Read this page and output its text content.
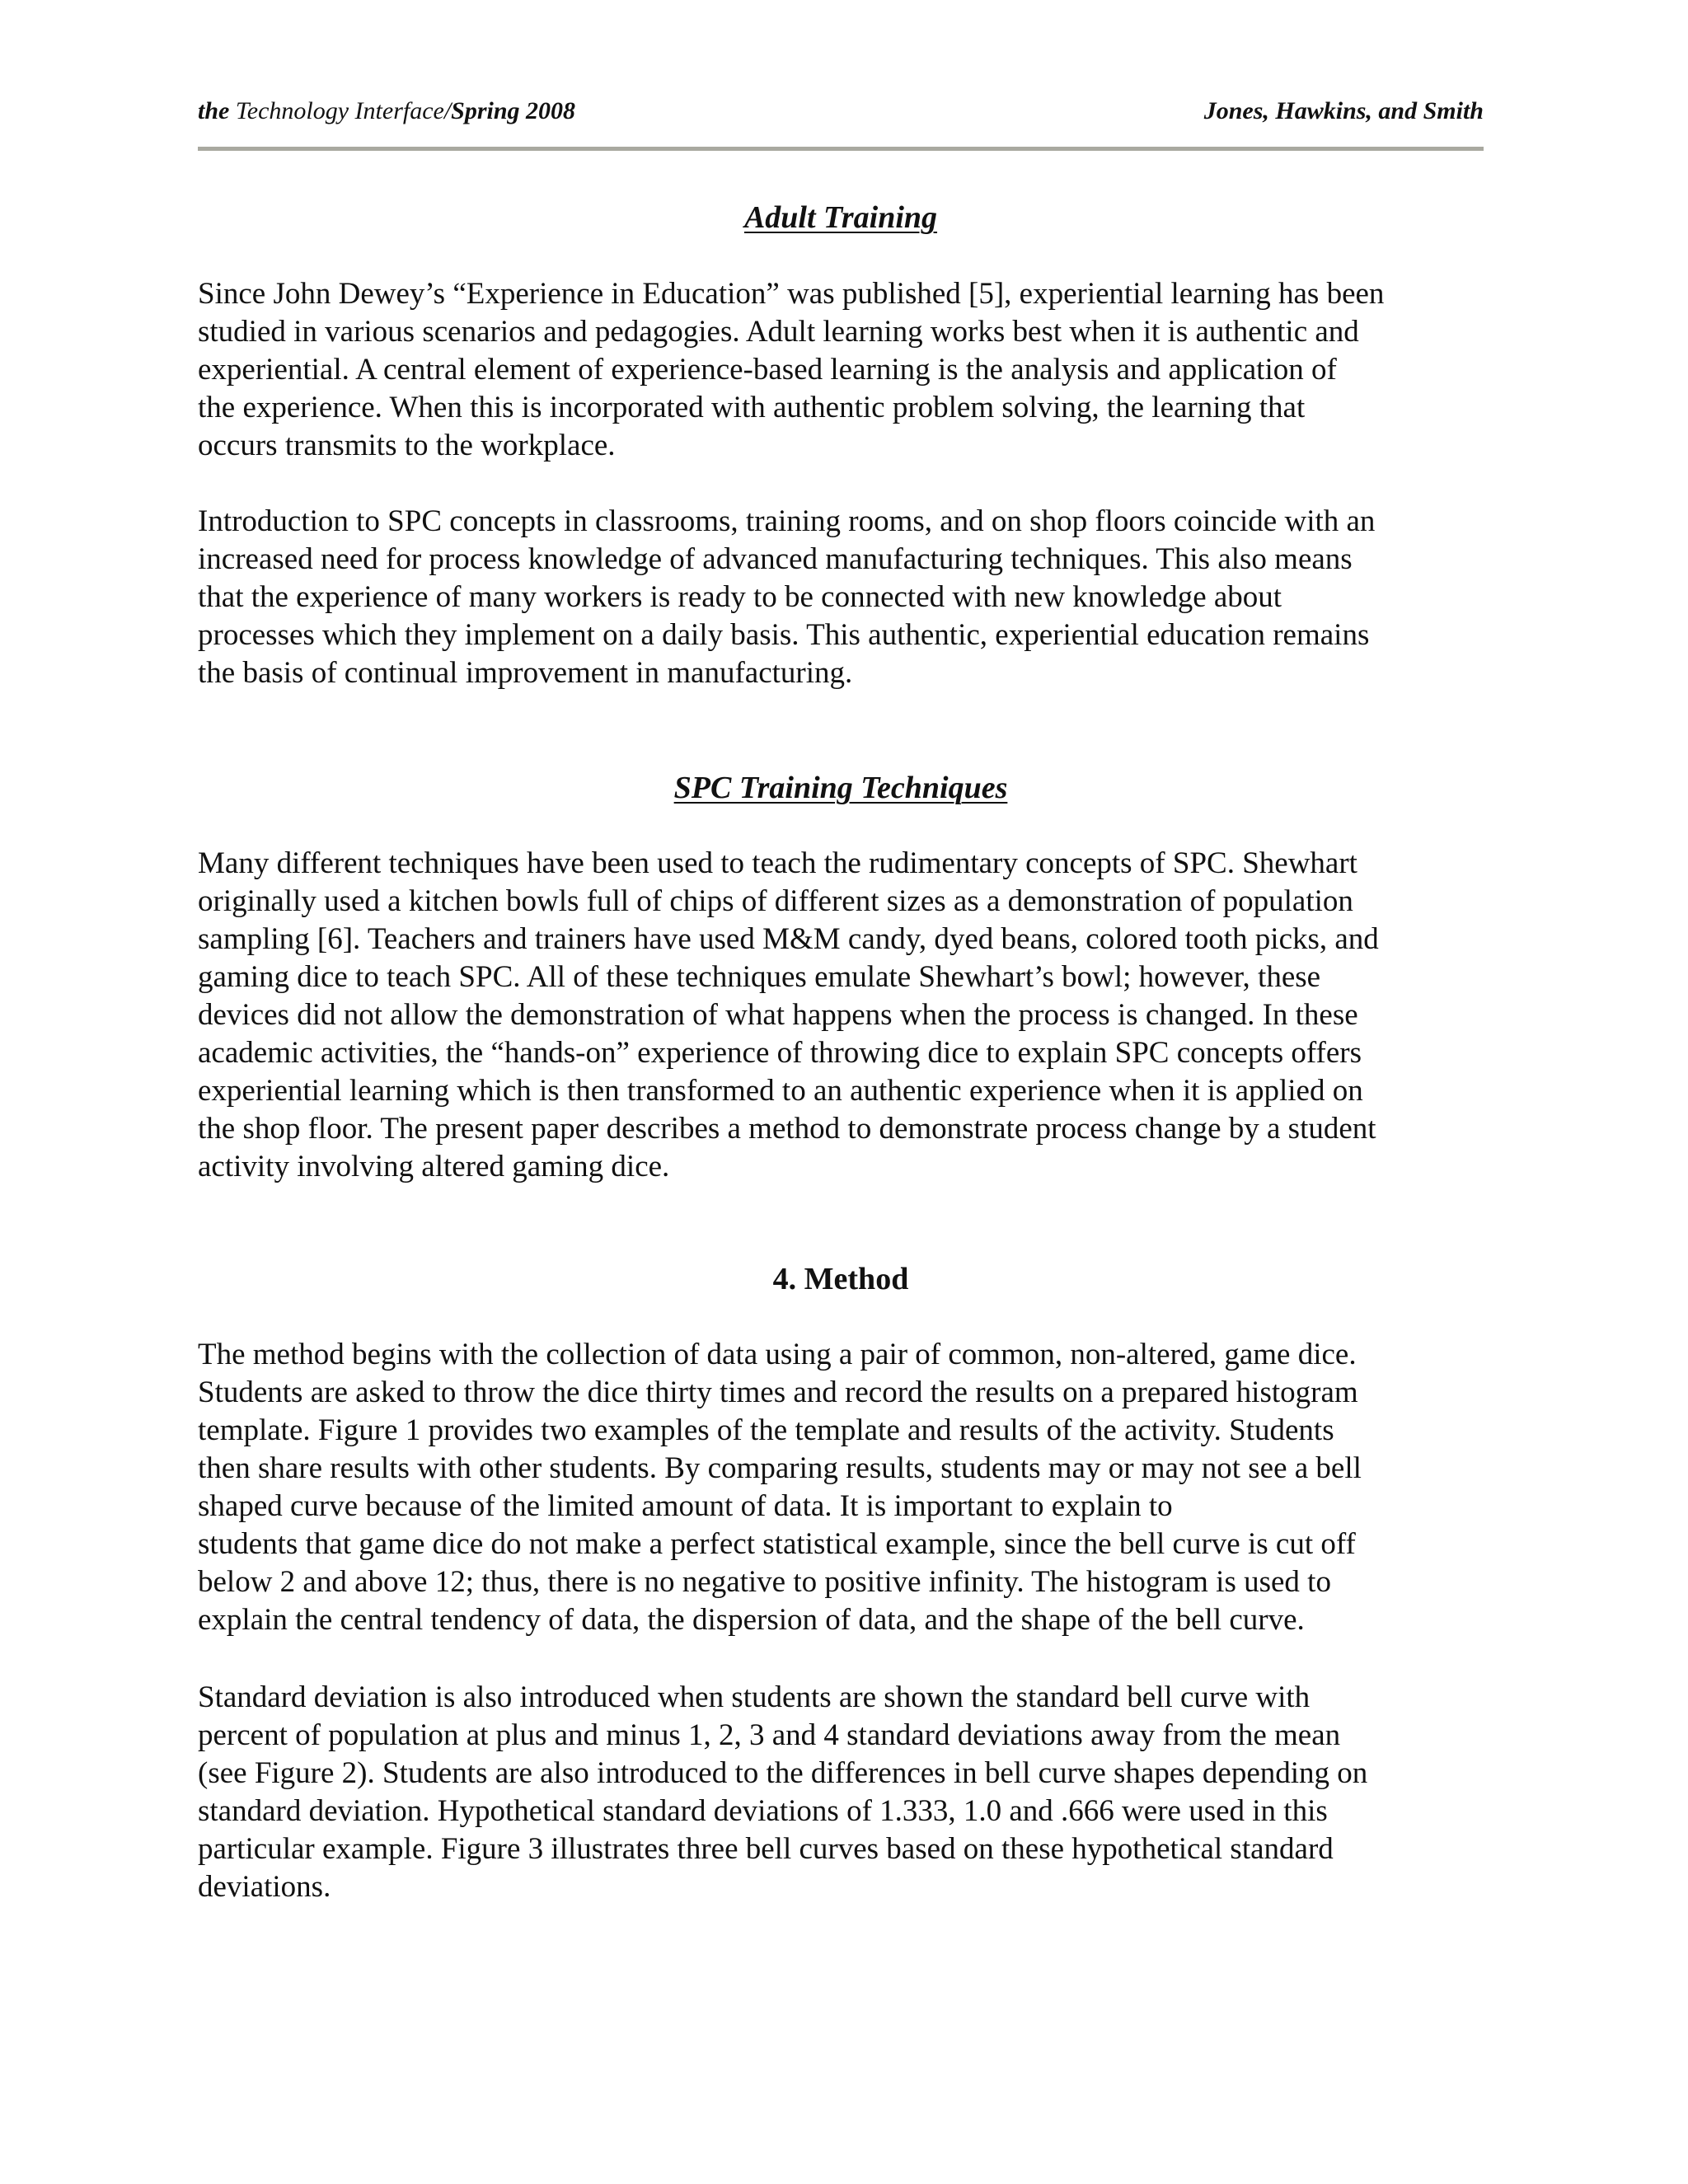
the Technology Interface/Spring 2008	Jones, Hawkins, and Smith
Adult Training
Since John Dewey’s “Experience in Education” was published [5], experiential learning has been
studied in various scenarios and pedagogies. Adult learning works best when it is authentic and
experiential. A central element of experience-based learning is the analysis and application of
the experience. When this is incorporated with authentic problem solving, the learning that
occurs transmits to the workplace.
Introduction to SPC concepts in classrooms, training rooms, and on shop floors coincide with an
increased need for process knowledge of advanced manufacturing techniques. This also means
that the experience of many workers is ready to be connected with new knowledge about
processes which they implement on a daily basis. This authentic, experiential education remains
the basis of continual improvement in manufacturing.
SPC Training Techniques
Many different techniques have been used to teach the rudimentary concepts of SPC. Shewhart
originally used a kitchen bowls full of chips of different sizes as a demonstration of population
sampling [6]. Teachers and trainers have used M&M candy, dyed beans, colored tooth picks, and
gaming dice to teach SPC. All of these techniques emulate Shewhart’s bowl; however, these
devices did not allow the demonstration of what happens when the process is changed. In these
academic activities, the “hands-on” experience of throwing dice to explain SPC concepts offers
experiential learning which is then transformed to an authentic experience when it is applied on
the shop floor. The present paper describes a method to demonstrate process change by a student
activity involving altered gaming dice.
4. Method
The method begins with the collection of data using a pair of common, non-altered, game dice.
Students are asked to throw the dice thirty times and record the results on a prepared histogram
template. Figure 1 provides two examples of the template and results of the activity. Students
then share results with other students. By comparing results, students may or may not see a bell
shaped curve because of the limited amount of data. It is important to explain to
students that game dice do not make a perfect statistical example, since the bell curve is cut off
below 2 and above 12; thus, there is no negative to positive infinity. The histogram is used to
explain the central tendency of data, the dispersion of data, and the shape of the bell curve.
Standard deviation is also introduced when students are shown the standard bell curve with
percent of population at plus and minus 1, 2, 3 and 4 standard deviations away from the mean
(see Figure 2). Students are also introduced to the differences in bell curve shapes depending on
standard deviation. Hypothetical standard deviations of 1.333, 1.0 and .666 were used in this
particular example. Figure 3 illustrates three bell curves based on these hypothetical standard
deviations.
